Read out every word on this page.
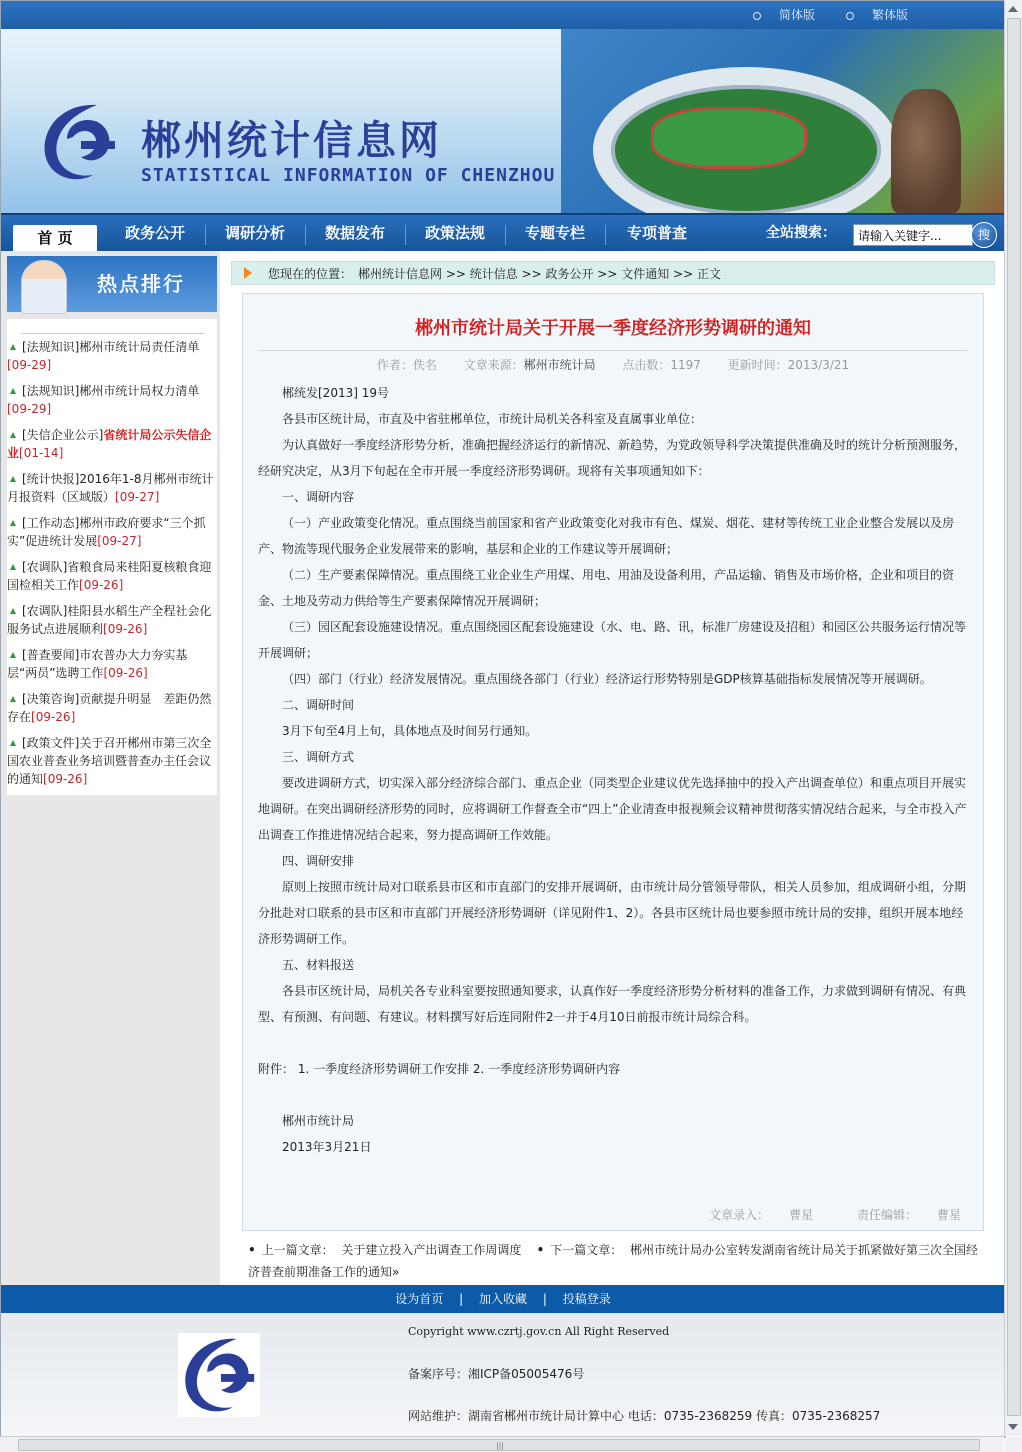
简体版	繁体版
郴州统计信息网
STATISTICAL INFORMATION OF CHENZHOU
首 页	政务公开	调研分析	数据发布	政策法规	专题专栏	专项普查	全站搜索：
请输入关键字...	搜
热点排行
[法规知识]郴州市统计局责任清单
[09-29]
[法规知识]郴州市统计局权力清单
[09-29]
[失信企业公示]省统计局公示失信企业[01-14]
[统计快报]2016年1-8月郴州市统计月报资料（区域版）[09-27]
[工作动态]郴州市政府要求“三个抓实”促进统计发展[09-27]
[农调队]省粮食局来桂阳夏核粮食迎国检相关工作[09-26]
[农调队]桂阳县水稻生产全程社会化服务试点进展顺利[09-26]
[普查要闻]市农普办大力夯实基层“两员”选聘工作[09-26]
[决策咨询]贡献提升明显　差距仍然存在[09-26]
[政策文件]关于召开郴州市第三次全国农业普查业务培训暨普查办主任会议的通知[09-26]
您现在的位置：　郴州统计信息网 >> 统计信息 >> 政务公开 >> 文件通知 >> 正文
郴州市统计局关于开展一季度经济形势调研的通知
作者：佚名 文章来源：郴州市统计局 点击数：1197 更新时间：2013/3/21

郴统发[2013] 19号

各县市区统计局，市直及中省驻郴单位，市统计局机关各科室及直属事业单位：

为认真做好一季度经济形势分析，准确把握经济运行的新情况、新趋势，为党政领导科学决策提供准确及时的统计分析预测服务，经研究决定，从3月下旬起在全市开展一季度经济形势调研。现将有关事项通知如下：

一、调研内容

（一）产业政策变化情况。重点围绕当前国家和省产业政策变化对我市有色、煤炭、烟花、建材等传统工业企业整合发展以及房产、物流等现代服务企业发展带来的影响，基层和企业的工作建议等开展调研；

（二）生产要素保障情况。重点围绕工业企业生产用煤、用电、用油及设备利用，产品运输、销售及市场价格，企业和项目的资金、土地及劳动力供给等生产要素保障情况开展调研；

（三）园区配套设施建设情况。重点围绕园区配套设施建设（水、电、路、讯，标准厂房建设及招租）和园区公共服务运行情况等开展调研；

（四）部门（行业）经济发展情况。重点围绕各部门（行业）经济运行形势特别是GDP核算基础指标发展情况等开展调研。

二、调研时间

3月下旬至4月上旬，具体地点及时间另行通知。

三、调研方式

要改进调研方式，切实深入部分经济综合部门、重点企业（同类型企业建议优先选择抽中的投入产出调查单位）和重点项目开展实地调研。在突出调研经济形势的同时，应将调研工作督查全市“四上”企业清查申报视频会议精神贯彻落实情况结合起来，与全市投入产出调查工作推进情况结合起来，努力提高调研工作效能。

四、调研安排

原则上按照市统计局对口联系县市区和市直部门的安排开展调研，由市统计局分管领导带队，相关人员参加，组成调研小组，分期分批赴对口联系的县市区和市直部门开展经济形势调研（详见附件1、2）。各县市区统计局也要参照市统计局的安排，组织开展本地经济形势调研工作。

五、材料报送

各县市区统计局，局机关各专业科室要按照通知要求，认真作好一季度经济形势分析材料的准备工作，力求做到调研有情况、有典型、有预测、有问题、有建议。材料撰写好后连同附件2一并于4月10日前报市统计局综合科。

附件： 1. 一季度经济形势调研工作安排 2. 一季度经济形势调研内容

郴州市统计局

2013年3月21日

文章录入： 曹星	责任编辑： 曹星
• 上一篇文章： 关于建立投入产出调查工作周调度 • 下一篇文章： 郴州市统计局办公室转发湖南省统计局关于抓紧做好第三次全国经济普查前期准备工作的通知»
设为首页 | 加入收藏 | 投稿登录
Copyright www.czrtj.gov.cn All Right Reserved
备案序号：湘ICP备05005476号
网站维护：湖南省郴州市统计局计算中心 电话：0735-2368259 传真：0735-2368257
|||
